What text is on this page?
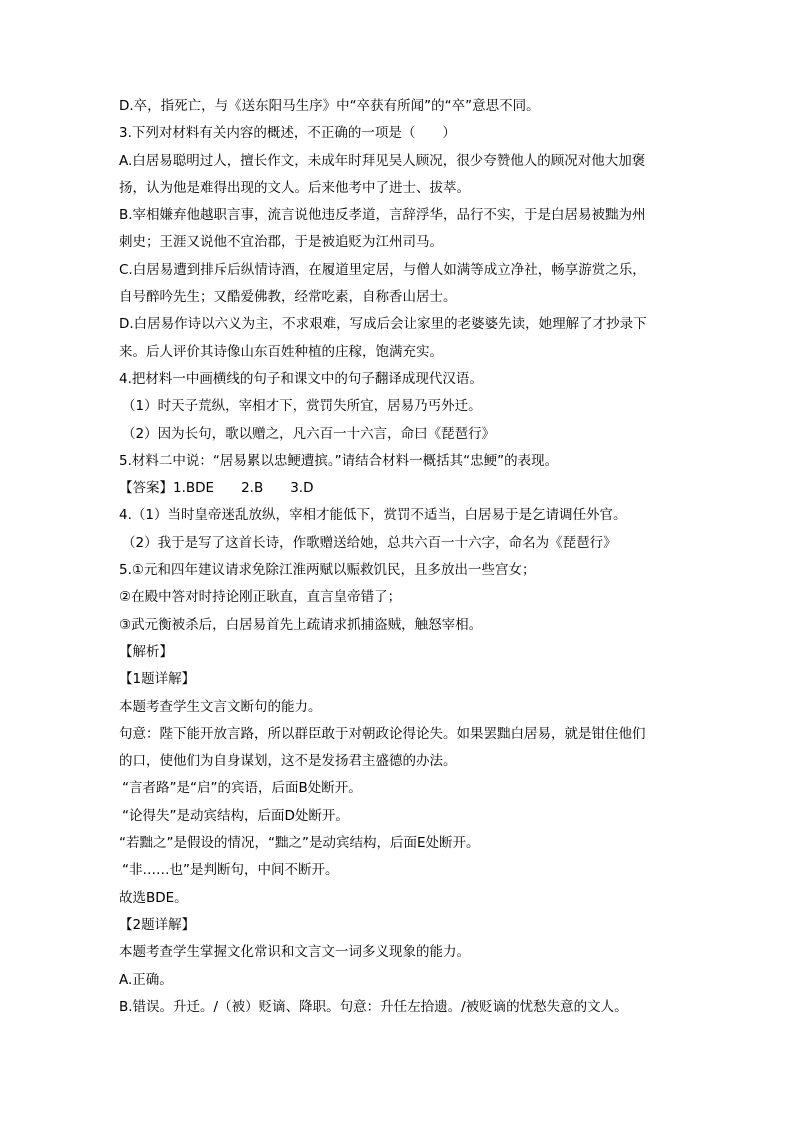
D.卒，指死亡，与《送东阳马生序》中“卒获有所闻”的“卒”意思不同。
3.下列对材料有关内容的概述，不正确的一项是（　　）
A.白居易聪明过人，擅长作文，未成年时拜见吴人顾况，很少夸赞他人的顾况对他大加褒
扬，认为他是难得出现的文人。后来他考中了进士、拔萃。
B.宰相嫌弃他越职言事，流言说他违反孝道，言辞浮华，品行不实，于是白居易被黜为州
刺史；王涯又说他不宜治郡，于是被追贬为江州司马。
C.白居易遭到排斥后纵情诗酒，在履道里定居，与僧人如满等成立净社，畅享游赏之乐，
自号醉吟先生；又酷爱佛教，经常吃素，自称香山居士。
D.白居易作诗以六义为主，不求艰难，写成后会让家里的老婆婆先读，她理解了才抄录下
来。后人评价其诗像山东百姓种植的庄稼，饱满充实。
4.把材料一中画横线的句子和课文中的句子翻译成现代汉语。
（1）时天子荒纵，宰相才下，赏罚失所宜，居易乃丐外迁。
（2）因为长句，歌以赠之，凡六百一十六言，命曰《琵琶行》
5.材料二中说：“居易累以忠鲠遭摈。”请结合材料一概括其“忠鲠”的表现。
【答案】1.BDE　　2.B　　3.D
4.（1）当时皇帝迷乱放纵，宰相才能低下，赏罚不适当，白居易于是乞请调任外官。
（2）我于是写了这首长诗，作歌赠送给她，总共六百一十六字，命名为《琵琶行》
5.①元和四年建议请求免除江淮两赋以赈救饥民，且多放出一些宫女；
②在殿中答对时持论刚正耿直，直言皇帝错了；
③武元衡被杀后，白居易首先上疏请求抓捕盗贼，触怒宰相。
【解析】
【1题详解】
本题考查学生文言文断句的能力。
句意：陛下能开放言路，所以群臣敢于对朝政论得论失。如果罢黜白居易，就是钳住他们
的口，使他们为自身谋划，这不是发扬君主盛德的办法。
“言者路”是“启”的宾语，后面B处断开。
“论得失”是动宾结构，后面D处断开。
“若黜之”是假设的情况，“黜之”是动宾结构，后面E处断开。
“非……也”是判断句，中间不断开。
故选BDE。
【2题详解】
本题考查学生掌握文化常识和文言文一词多义现象的能力。
A.正确。
B.错误。升迁。/（被）贬谪、降职。句意：升任左拾遗。/被贬谪的忧愁失意的文人。
